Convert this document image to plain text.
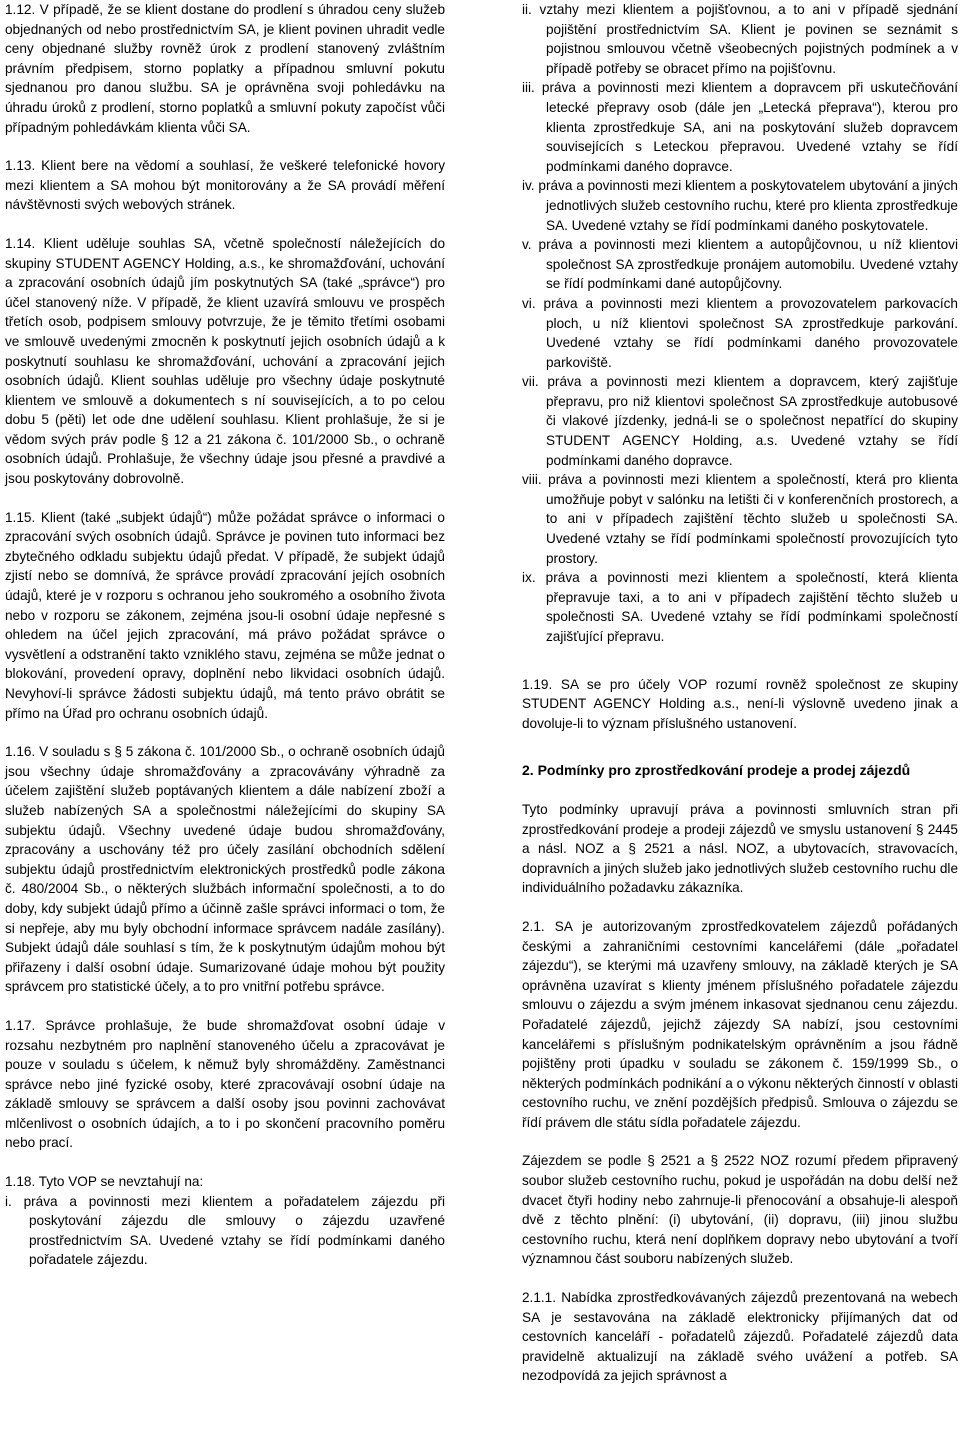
1.12. V případě, že se klient dostane do prodlení s úhradou ceny služeb objednaných od nebo prostřednictvím SA, je klient povinen uhradit vedle ceny objednané služby rovněž úrok z prodlení stanovený zvláštním právním předpisem, storno poplatky a případnou smluvní pokutu sjednanou pro danou službu. SA je oprávněna svoji pohledávku na úhradu úroků z prodlení, storno poplatků a smluvní pokuty započíst vůči případným pohledávkám klienta vůči SA.

1.13. Klient bere na vědomí a souhlasí, že veškeré telefonické hovory mezi klientem a SA mohou být monitorovány a že SA provádí měření návštěvnosti svých webových stránek.

1.14. Klient uděluje souhlas SA, včetně společností náležejících do skupiny STUDENT AGENCY Holding, a.s., ke shromažďování, uchování a zpracování osobních údajů jím poskytnutých SA (také „správce“) pro účel stanovený níže. V případě, že klient uzavírá smlouvu ve prospěch třetích osob, podpisem smlouvy potvrzuje, že je těmito třetími osobami ve smlouvě uvedenými zmocněn k poskytnutí jejich osobních údajů a k poskytnutí souhlasu ke shromažďování, uchování a zpracování jejich osobních údajů. Klient souhlas uděluje pro všechny údaje poskytnuté klientem ve smlouvě a dokumentech s ní souvisejících, a to po celou dobu 5 (pěti) let ode dne udělení souhlasu. Klient prohlašuje, že si je vědom svých práv podle § 12 a 21 zákona č. 101/2000 Sb., o ochraně osobních údajů. Prohlašuje, že všechny údaje jsou přesné a pravdivé a jsou poskytovány dobrovolně.

1.15. Klient (také „subjekt údajů“) může požádat správce o informaci o zpracování svých osobních údajů. Správce je povinen tuto informaci bez zbytečného odkladu subjektu údajů předat. V případě, že subjekt údajů zjistí nebo se domnívá, že správce provádí zpracování jejích osobních údajů, které je v rozporu s ochranou jeho soukromého a osobního života nebo v rozporu se zákonem, zejména jsou-li osobní údaje nepřesné s ohledem na účel jejich zpracování, má právo požádat správce o vysvětlení a odstranění takto vzniklého stavu, zejména se může jednat o blokování, provedení opravy, doplnění nebo likvidaci osobních údajů. Nevyhoví-li správce žádosti subjektu údajů, má tento právo obrátit se přímo na Úřad pro ochranu osobních údajů.

1.16. V souladu s § 5 zákona č. 101/2000 Sb., o ochraně osobních údajů jsou všechny údaje shromažďovány a zpracovávány výhradně za účelem zajištění služeb poptávaných klientem a dále nabízení zboží a služeb nabízených SA a společnostmi náležejícími do skupiny SA subjektu údajů. Všechny uvedené údaje budou shromažďovány, zpracovány a uschovány též pro účely zasílání obchodních sdělení subjektu údajů prostřednictvím elektronických prostředků podle zákona č. 480/2004 Sb., o některých službách informační společnosti, a to do doby, kdy subjekt údajů přímo a účinně zašle správci informaci o tom, že si nepřeje, aby mu byly obchodní informace správcem nadále zasílány). Subjekt údajů dále souhlasí s tím, že k poskytnutým údajům mohou být přiřazeny i další osobní údaje. Sumarizované údaje mohou být použity správcem pro statistické účely, a to pro vnitřní potřebu správce.

1.17. Správce prohlašuje, že bude shromažďovat osobní údaje v rozsahu nezbytném pro naplnění stanoveného účelu a zpracovávat je pouze v souladu s účelem, k němuž byly shromážděny. Zaměstnanci správce nebo jiné fyzické osoby, které zpracovávají osobní údaje na základě smlouvy se správcem a další osoby jsou povinni zachovávat mlčenlivost o osobních údajích, a to i po skončení pracovního poměru nebo prací.

1.18. Tyto VOP se nevztahují na:

i. práva a povinnosti mezi klientem a pořadatelem zájezdu při poskytování zájezdu dle smlouvy o zájezdu uzavřené prostřednictvím SA. Uvedené vztahy se řídí podmínkami daného pořadatele zájezdu.

ii. vztahy mezi klientem a pojišťovnou, a to ani v případě sjednání pojištění prostřednictvím SA. Klient je povinen se seznámit s pojistnou smlouvou včetně všeobecných pojistných podmínek a v případě potřeby se obracet přímo na pojišťovnu.

iii. práva a povinnosti mezi klientem a dopravcem při uskutečňování letecké přepravy osob (dále jen „Letecká přeprava“), kterou pro klienta zprostředkuje SA, ani na poskytování služeb dopravcem souvisejících s Leteckou přepravou. Uvedené vztahy se řídí podmínkami daného dopravce.

iv. práva a povinnosti mezi klientem a poskytovatelem ubytování a jiných jednotlivých služeb cestovního ruchu, které pro klienta zprostředkuje SA. Uvedené vztahy se řídí podmínkami daného poskytovatele.

v. práva a povinnosti mezi klientem a autopůjčovnou, u níž klientovi společnost SA zprostředkuje pronájem automobilu. Uvedené vztahy se řídí podmínkami dané autopůjčovny.

vi. práva a povinnosti mezi klientem a provozovatelem parkovacích ploch, u níž klientovi společnost SA zprostředkuje parkování. Uvedené vztahy se řídí podmínkami daného provozovatele parkoviště.

vii. práva a povinnosti mezi klientem a dopravcem, který zajišťuje přepravu, pro niž klientovi společnost SA zprostředkuje autobusové či vlakové jízdenky, jedná-li se o společnost nepatřící do skupiny STUDENT AGENCY Holding, a.s. Uvedené vztahy se řídí podmínkami daného dopravce.

viii. práva a povinnosti mezi klientem a společností, která pro klienta umožňuje pobyt v salónku na letišti či v konferenčních prostorech, a to ani v případech zajištění těchto služeb u společnosti SA. Uvedené vztahy se řídí podmínkami společností provozujících tyto prostory.

ix. práva a povinnosti mezi klientem a společností, která klienta přepravuje taxi, a to ani v případech zajištění těchto služeb u společnosti SA. Uvedené vztahy se řídí podmínkami společností zajišťující přepravu.

1.19. SA se pro účely VOP rozumí rovněž společnost ze skupiny STUDENT AGENCY Holding a.s., není-li výslovně uvedeno jinak a dovoluje-li to význam příslušného ustanovení.

2. Podmínky pro zprostředkování prodeje a prodej zájezdů

Tyto podmínky upravují práva a povinnosti smluvních stran při zprostředkování prodeje a prodeji zájezdů ve smyslu ustanovení § 2445 a násl. NOZ a § 2521 a násl. NOZ, a ubytovacích, stravovacích, dopravních a jiných služeb jako jednotlivých služeb cestovního ruchu dle individuálního požadavku zákazníka.

2.1. SA je autorizovaným zprostředkovatelem zájezdů pořádaných českými a zahraničními cestovními kancelářemi (dále „pořadatel zájezdu“), se kterými má uzavřeny smlouvy, na základě kterých je SA oprávněna uzavírat s klienty jménem příslušného pořadatele zájezdu smlouvu o zájezdu a svým jménem inkasovat sjednanou cenu zájezdu. Pořadatelé zájezdů, jejichž zájezdy SA nabízí, jsou cestovními kancelářemi s příslušným podnikatelským oprávněním a jsou řádně pojištěny proti úpadku v souladu se zákonem č. 159/1999 Sb., o některých podmínkách podnikání a o výkonu některých činností v oblasti cestovního ruchu, ve znění pozdějších předpisů. Smlouva o zájezdu se řídí právem dle státu sídla pořadatele zájezdu.

Zájezdem se podle § 2521 a § 2522 NOZ rozumí předem připravený soubor služeb cestovního ruchu, pokud je uspořádán na dobu delší než dvacet čtyři hodiny nebo zahrnuje-li přenocování a obsahuje-li alespoň dvě z těchto plnění: (i) ubytování, (ii) dopravu, (iii) jinou službu cestovního ruchu, která není doplňkem dopravy nebo ubytování a tvoří významnou část souboru nabízených služeb.

2.1.1. Nabídka zprostředkovávaných zájezdů prezentovaná na webech SA je sestavována na základě elektronicky přijímaných dat od cestovních kanceláří - pořadatelů zájezdů. Pořadatelé zájezdů data pravidelně aktualizují na základě svého uvážení a potřeb. SA nezodpovídá za jejich správnost a
